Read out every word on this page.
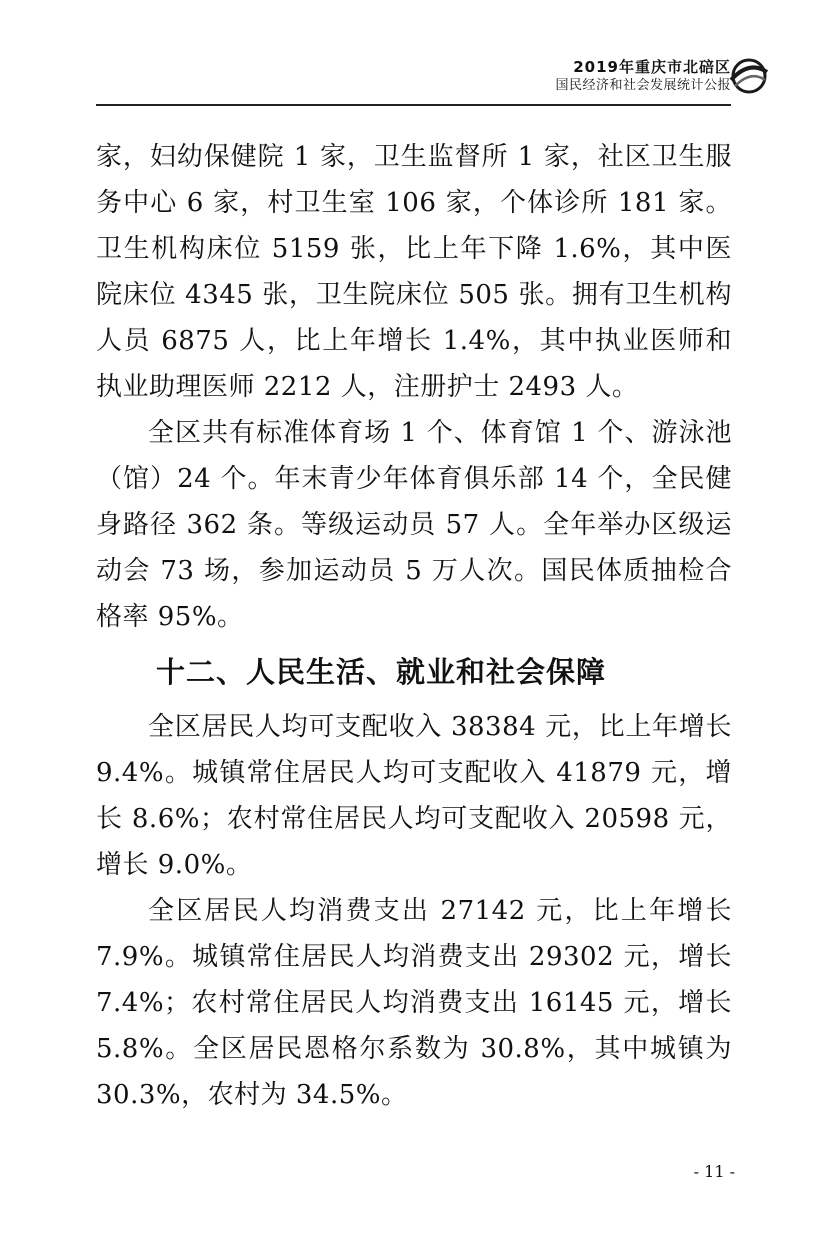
2019年重庆市北碚区
国民经济和社会发展统计公报

家，妇幼保健院 1 家，卫生监督所 1 家，社区卫生服务中心 6 家，村卫生室 106 家，个体诊所 181 家。卫生机构床位 5159 张，比上年下降 1.6%，其中医院床位 4345 张，卫生院床位 505 张。拥有卫生机构人员 6875 人，比上年增长 1.4%，其中执业医师和执业助理医师 2212 人，注册护士 2493 人。

全区共有标准体育场 1 个、体育馆 1 个、游泳池（馆）24 个。年末青少年体育俱乐部 14 个，全民健身路径 362 条。等级运动员 57 人。全年举办区级运动会 73 场，参加运动员 5 万人次。国民体质抽检合格率 95%。

十二、人民生活、就业和社会保障

全区居民人均可支配收入 38384 元，比上年增长 9.4%。城镇常住居民人均可支配收入 41879 元，增长 8.6%；农村常住居民人均可支配收入 20598 元，增长 9.0%。

全区居民人均消费支出 27142 元，比上年增长 7.9%。城镇常住居民人均消费支出 29302 元，增长 7.4%；农村常住居民人均消费支出 16145 元，增长 5.8%。全区居民恩格尔系数为 30.8%，其中城镇为 30.3%，农村为 34.5%。

- 11 -
